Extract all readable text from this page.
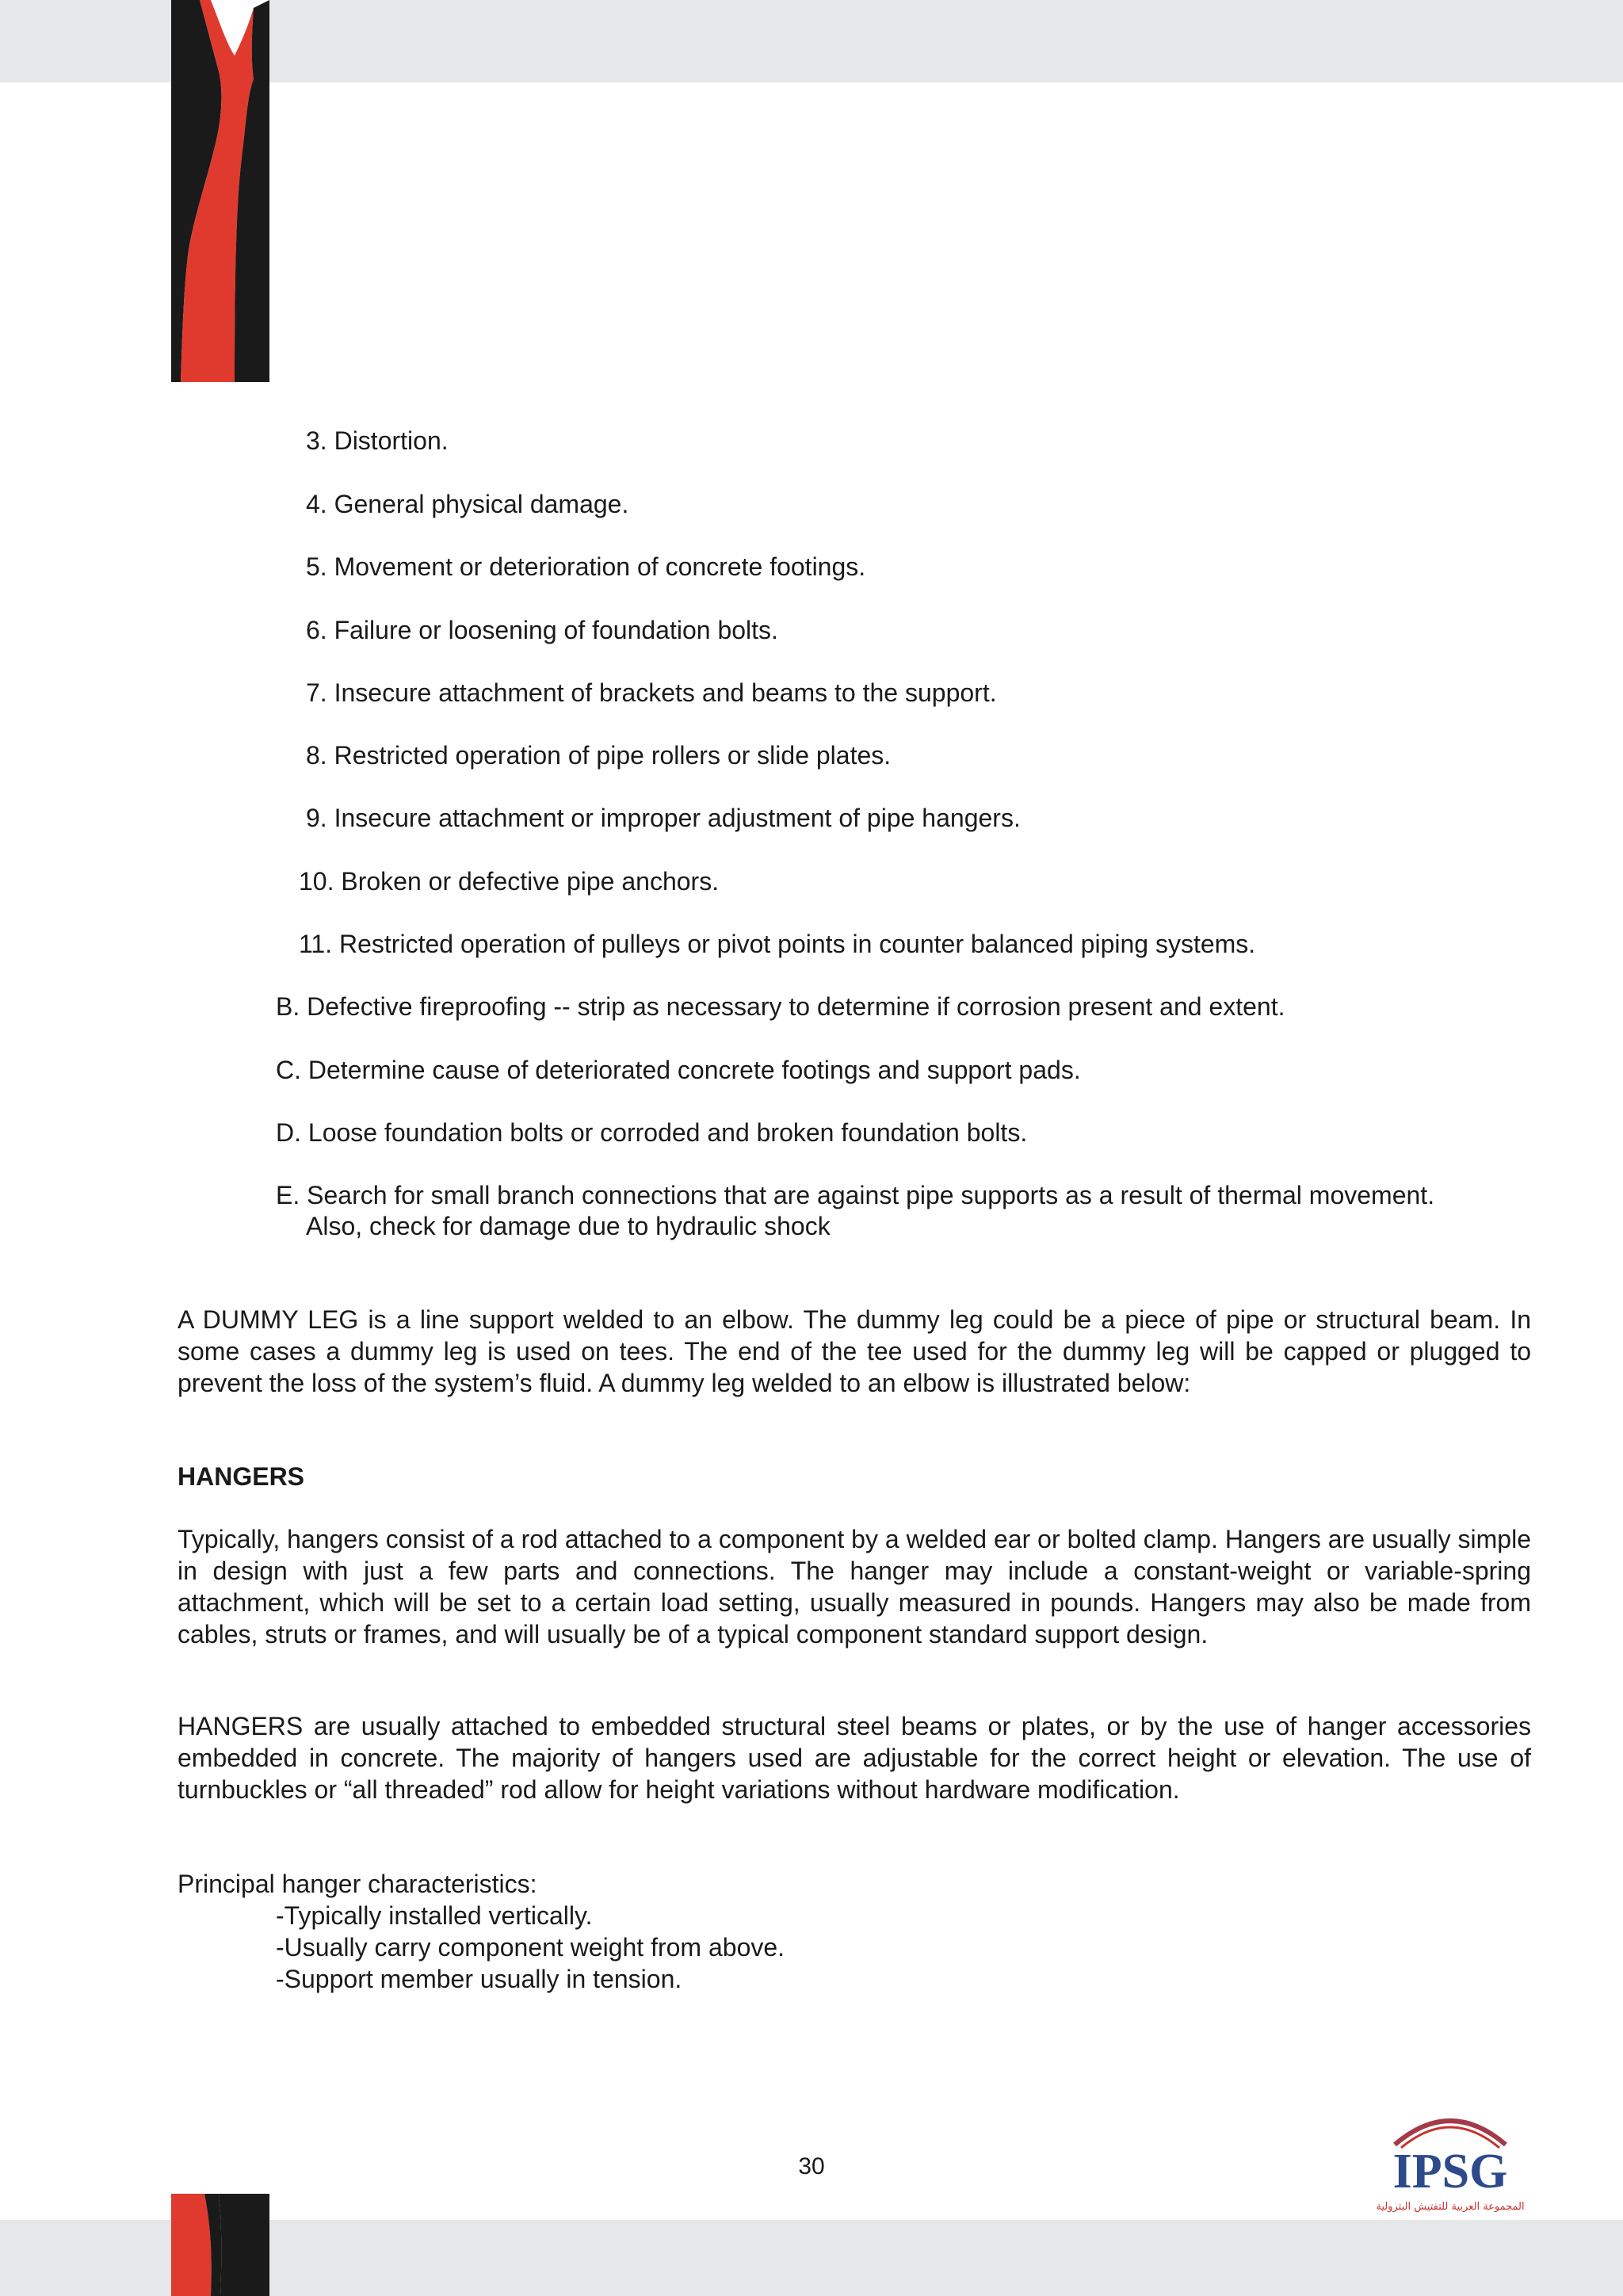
3. Distortion.
4. General physical damage.
5. Movement or deterioration of concrete footings.
6. Failure or loosening of foundation bolts.
7. Insecure attachment of brackets and beams to the support.
8. Restricted operation of pipe rollers or slide plates.
9. Insecure attachment or improper adjustment of pipe hangers.
10. Broken or defective pipe anchors.
11. Restricted operation of pulleys or pivot points in counter balanced piping systems.
B. Defective fireproofing -- strip as necessary to determine if corrosion present and extent.
C. Determine cause of deteriorated concrete footings and support pads.
D. Loose foundation bolts or corroded and broken foundation bolts.
E. Search for small branch connections that are against pipe supports as a result of thermal movement.
Also, check for damage due to hydraulic shock
A DUMMY LEG is a line support welded to an elbow. The dummy leg could be a piece of pipe or structural beam. In some cases a dummy leg is used on tees. The end of the tee used for the dummy leg will be capped or plugged to prevent the loss of the system’s fluid. A dummy leg welded to an elbow is illustrated below:
HANGERS
Typically, hangers consist of a rod attached to a component by a welded ear or bolted clamp. Hangers are usually simple in design with just a few parts and connections. The hanger may include a constant-weight or variable-spring attachment, which will be set to a certain load setting, usually measured in pounds. Hangers may also be made from cables, struts or frames, and will usually be of a typical component standard support design.
HANGERS are usually attached to embedded structural steel beams or plates, or by the use of hanger accessories embedded in concrete. The majority of hangers used are adjustable for the correct height or elevation. The use of turnbuckles or “all threaded” rod allow for height variations without hardware modification.
Principal hanger characteristics:
-Typically installed vertically.
-Usually carry component weight from above.
-Support member usually in tension.
30	IPSG
المجموعة العربية للتفتيش البترولية
